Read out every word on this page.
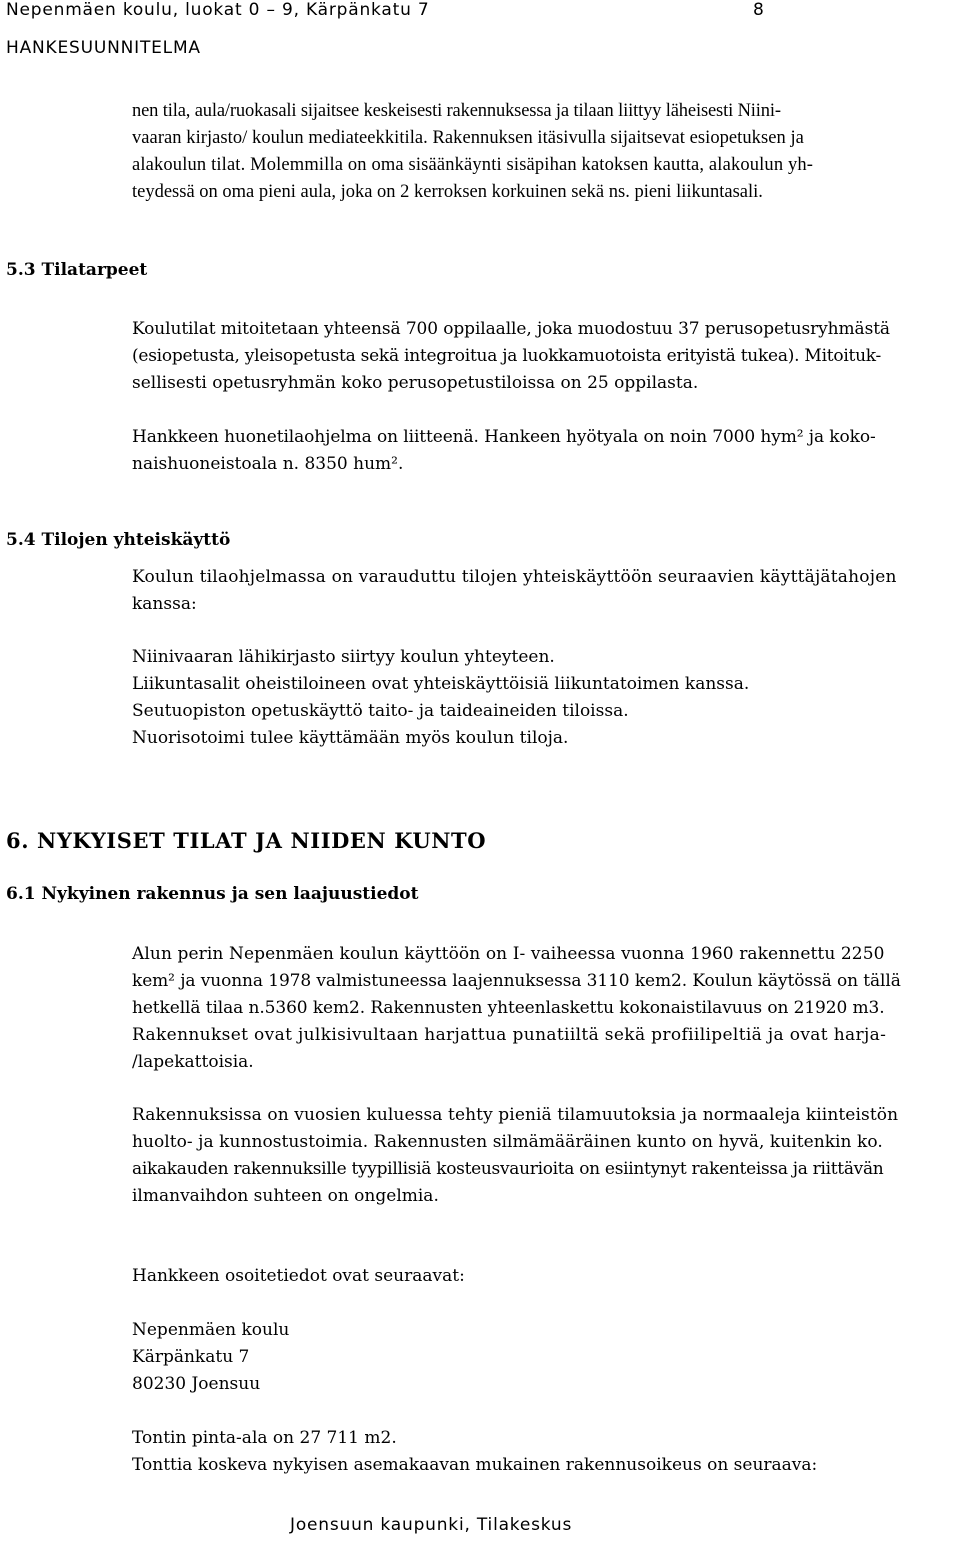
Nepenmäen koulu, luokat 0 – 9, Kärpänkatu 7	8
HANKESUUNNITELMA
nen tila, aula/ruokasali sijaitsee keskeisesti rakennuksessa ja tilaan liittyy läheisesti Niini-
vaaran kirjasto/ koulun mediateekkitila. Rakennuksen itäsivulla sijaitsevat esiopetuksen ja
alakoulun tilat. Molemmilla on oma sisäänkäynti sisäpihan katoksen kautta, alakoulun yh-
teydessä on oma pieni aula, joka on 2 kerroksen korkuinen sekä ns. pieni liikuntasali.
5.3 Tilatarpeet
Koulutilat mitoitetaan yhteensä 700 oppilaalle, joka muodostuu 37 perusopetusryhmästä
(esiopetusta, yleisopetusta sekä integroitua ja luokkamuotoista erityistä tukea). Mitoituk-
sellisesti opetusryhmän koko perusopetustiloissa on 25 oppilasta.
Hankkeen huonetilaohjelma on liitteenä. Hankeen hyötyala on noin 7000 hym² ja koko-
naishuoneistoala n. 8350 hum².
5.4 Tilojen yhteiskäyttö
Koulun tilaohjelmassa on varauduttu tilojen yhteiskäyttöön seuraavien käyttäjätahojen
kanssa:
Niinivaaran lähikirjasto siirtyy koulun yhteyteen.
Liikuntasalit oheistiloineen ovat yhteiskäyttöisiä liikuntatoimen kanssa.
Seutuopiston opetuskäyttö taito- ja taideaineiden tiloissa.
Nuorisotoimi tulee käyttämään myös koulun tiloja.
6. NYKYISET TILAT JA NIIDEN KUNTO
6.1 Nykyinen rakennus ja sen laajuustiedot
Alun perin Nepenmäen koulun käyttöön on I- vaiheessa vuonna 1960 rakennettu 2250
kem² ja vuonna 1978 valmistuneessa laajennuksessa 3110 kem2. Koulun käytössä on tällä
hetkellä tilaa n.5360 kem2. Rakennusten yhteenlaskettu kokonaistilavuus on 21920 m3.
Rakennukset ovat julkisivultaan harjattua punatiiltä sekä profiilipeltiä ja ovat harja-
/lapekattoisia.
Rakennuksissa on vuosien kuluessa tehty pieniä tilamuutoksia ja normaaleja kiinteistön
huolto- ja kunnostustoimia. Rakennusten silmämääräinen kunto on hyvä, kuitenkin ko.
aikakauden rakennuksille tyypillisiä kosteusvaurioita on esiintynyt rakenteissa ja riittävän
ilmanvaihdon suhteen on ongelmia.
Hankkeen osoitetiedot ovat seuraavat:
Nepenmäen koulu
Kärpänkatu 7
80230 Joensuu
Tontin pinta-ala on 27 711 m2.
Tonttia koskeva nykyisen asemakaavan mukainen rakennusoikeus on seuraava:
Joensuun kaupunki, Tilakeskus
